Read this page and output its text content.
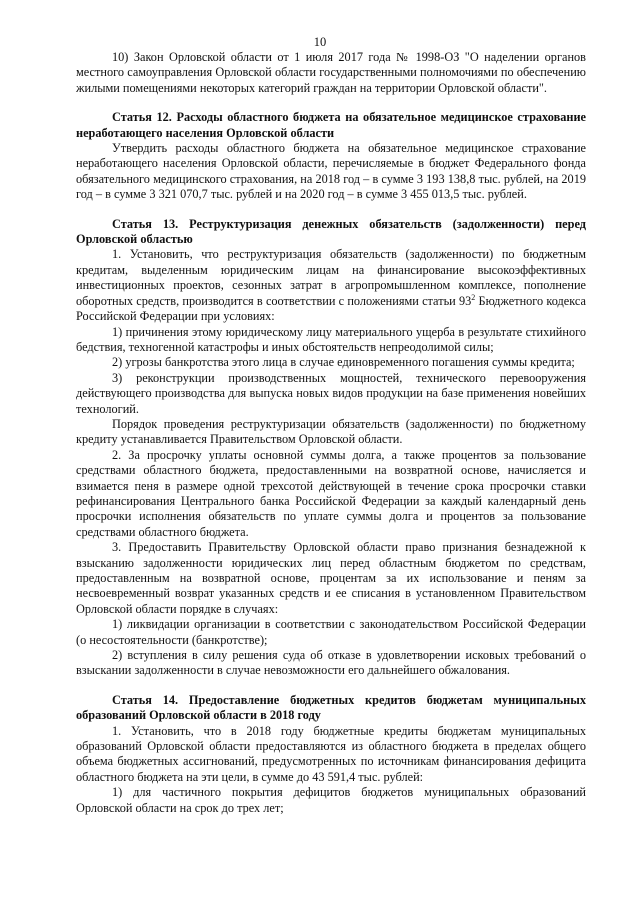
10

10) Закон Орловской области от 1 июля 2017 года № 1998-ОЗ "О наделении органов местного самоуправления Орловской области государственными полномочиями по обеспечению жилыми помещениями некоторых категорий граждан на территории Орловской области".

Статья 12. Расходы областного бюджета на обязательное медицинское страхование неработающего населения Орловской области

Утвердить расходы областного бюджета на обязательное медицинское страхование неработающего населения Орловской области, перечисляемые в бюджет Федерального фонда обязательного медицинского страхования, на 2018 год – в сумме 3 193 138,8 тыс. рублей, на 2019 год – в сумме 3 321 070,7 тыс. рублей и на 2020 год – в сумме 3 455 013,5 тыс. рублей.

Статья 13. Реструктуризация денежных обязательств (задолженности) перед Орловской областью

1. Установить, что реструктуризация обязательств (задолженности) по бюджетным кредитам, выделенным юридическим лицам на финансирование высокоэффективных инвестиционных проектов, сезонных затрат в агропромышленном комплексе, пополнение оборотных средств, производится в соответствии с положениями статьи $93^2$ Бюджетного кодекса Российской Федерации при условиях:

1) причинения этому юридическому лицу материального ущерба в результате стихийного бедствия, техногенной катастрофы и иных обстоятельств непреодолимой силы;

2) угрозы банкротства этого лица в случае единовременного погашения суммы кредита;

3) реконструкции производственных мощностей, технического перевооружения действующего производства для выпуска новых видов продукции на базе применения новейших технологий.

Порядок проведения реструктуризации обязательств (задолженности) по бюджетному кредиту устанавливается Правительством Орловской области.

2. За просрочку уплаты основной суммы долга, а также процентов за пользование средствами областного бюджета, предоставленными на возвратной основе, начисляется и взимается пеня в размере одной трехсотой действующей в течение срока просрочки ставки рефинансирования Центрального банка Российской Федерации за каждый календарный день просрочки исполнения обязательств по уплате суммы долга и процентов за пользование средствами областного бюджета.

3. Предоставить Правительству Орловской области право признания безнадежной к взысканию задолженности юридических лиц перед областным бюджетом по средствам, предоставленным на возвратной основе, процентам за их использование и пеням за несвоевременный возврат указанных средств и ее списания в установленном Правительством Орловской области порядке в случаях:

1) ликвидации организации в соответствии с законодательством Российской Федерации (о несостоятельности (банкротстве);

2) вступления в силу решения суда об отказе в удовлетворении исковых требований о взыскании задолженности в случае невозможности его дальнейшего обжалования.

Статья 14. Предоставление бюджетных кредитов бюджетам муниципальных образований Орловской области в 2018 году

1. Установить, что в 2018 году бюджетные кредиты бюджетам муниципальных образований Орловской области предоставляются из областного бюджета в пределах общего объема бюджетных ассигнований, предусмотренных по источникам финансирования дефицита областного бюджета на эти цели, в сумме до 43 591,4 тыс. рублей:

1) для частичного покрытия дефицитов бюджетов муниципальных образований Орловской области на срок до трех лет;
